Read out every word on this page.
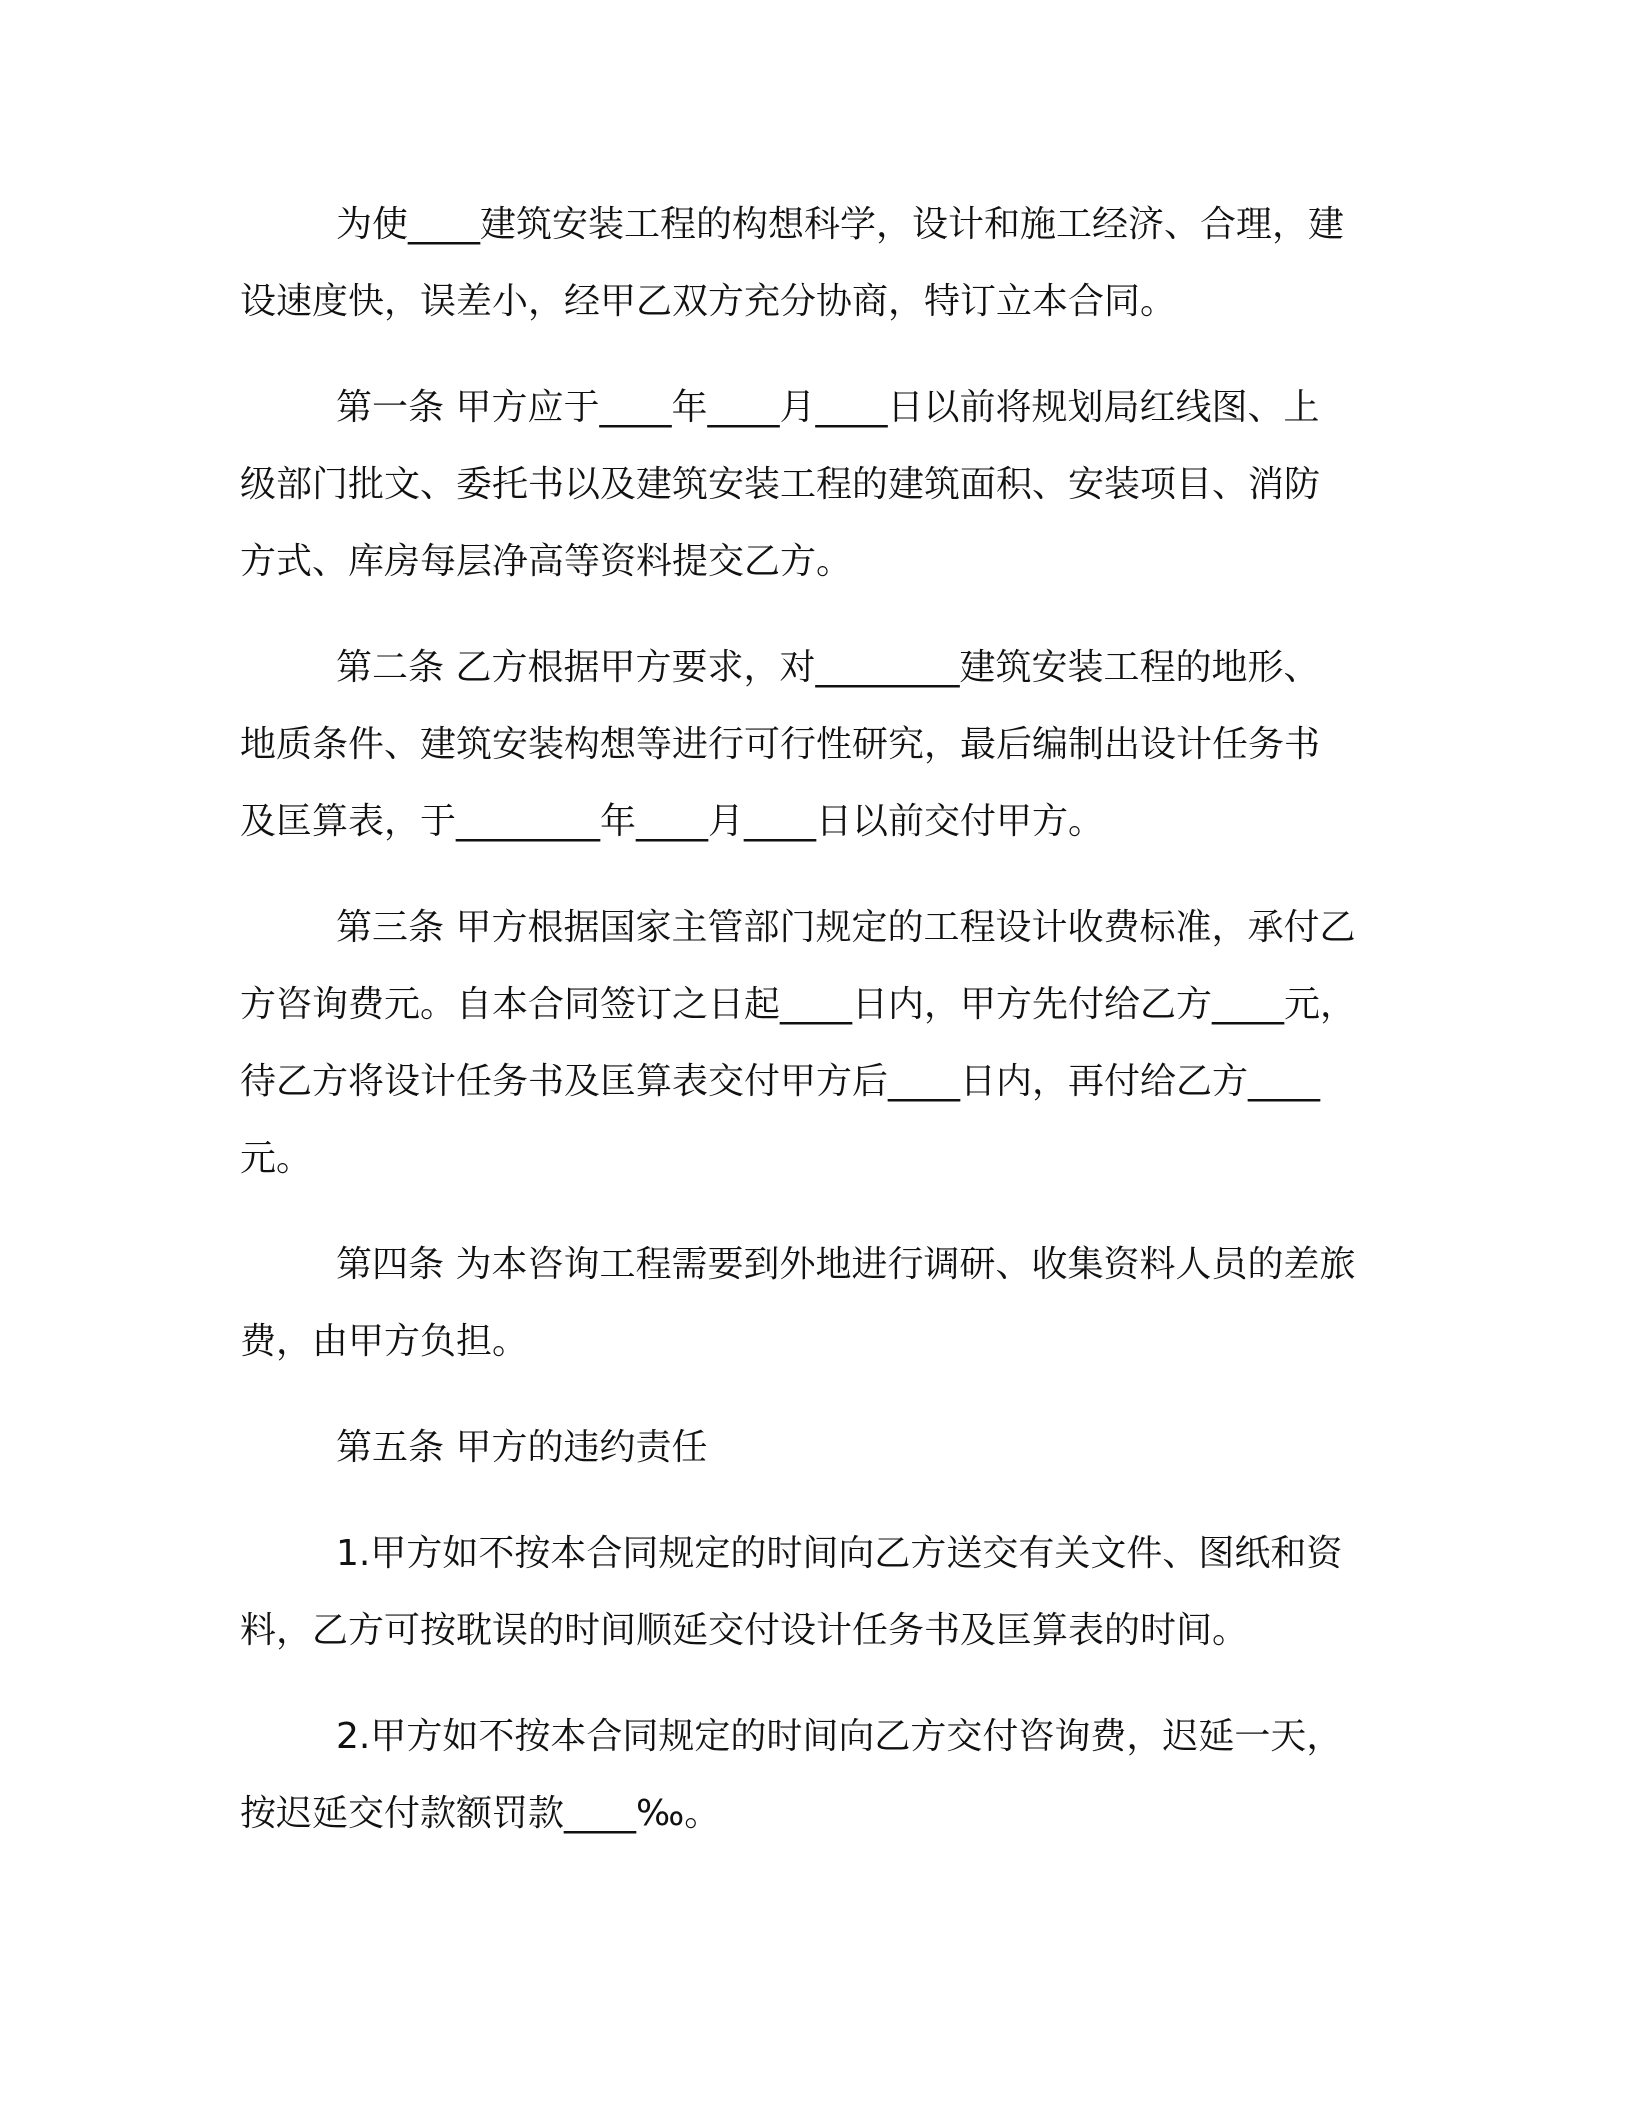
为使____建筑安装工程的构想科学，设计和施工经济、合理，建
设速度快，误差小，经甲乙双方充分协商，特订立本合同。

第一条 甲方应于____年____月____日以前将规划局红线图、上
级部门批文、委托书以及建筑安装工程的建筑面积、安装项目、消防
方式、库房每层净高等资料提交乙方。

第二条 乙方根据甲方要求，对________建筑安装工程的地形、
地质条件、建筑安装构想等进行可行性研究，最后编制出设计任务书
及匡算表，于________年____月____日以前交付甲方。

第三条 甲方根据国家主管部门规定的工程设计收费标准，承付乙
方咨询费元。自本合同签订之日起____日内，甲方先付给乙方____元，
待乙方将设计任务书及匡算表交付甲方后____日内，再付给乙方____
元。

第四条 为本咨询工程需要到外地进行调研、收集资料人员的差旅
费，由甲方负担。

第五条 甲方的违约责任

1.甲方如不按本合同规定的时间向乙方送交有关文件、图纸和资
料，乙方可按耽误的时间顺延交付设计任务书及匡算表的时间。

2.甲方如不按本合同规定的时间向乙方交付咨询费，迟延一天，
按迟延交付款额罚款____‰。
